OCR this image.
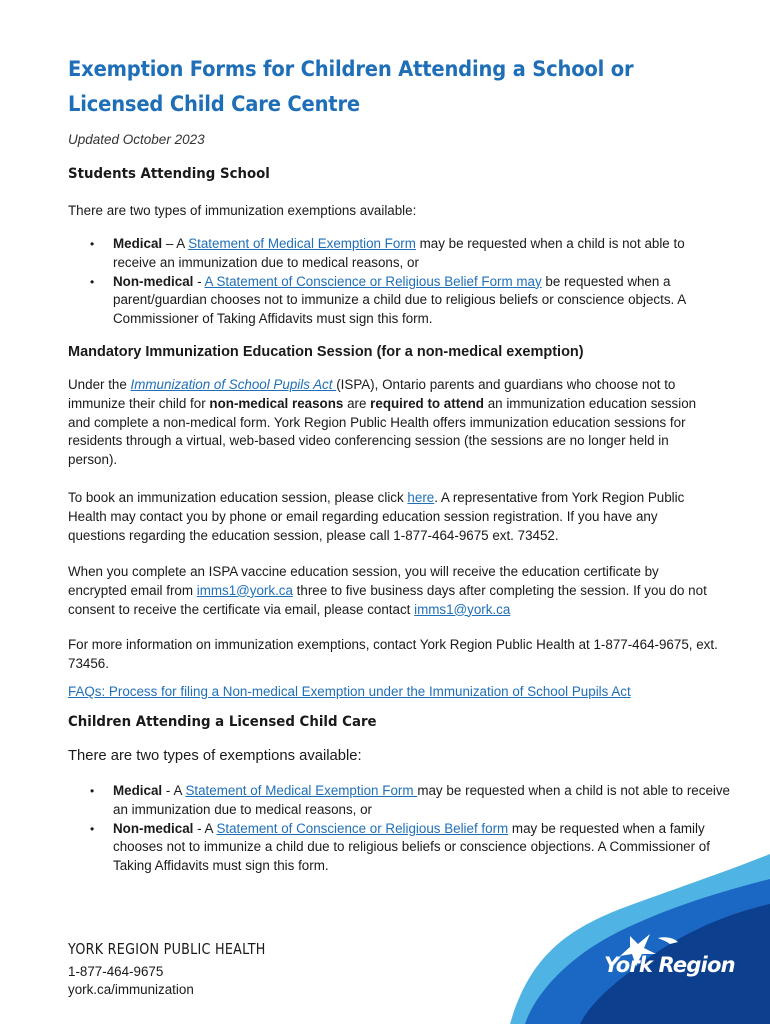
Exemption Forms for Children Attending a School or Licensed Child Care Centre

Updated October 2023

Students Attending School

There are two types of immunization exemptions available:

• Medical – A Statement of Medical Exemption Form may be requested when a child is not able to receive an immunization due to medical reasons, or
• Non-medical - A Statement of Conscience or Religious Belief Form may be requested when a parent/guardian chooses not to immunize a child due to religious beliefs or conscience objects. A Commissioner of Taking Affidavits must sign this form.
Mandatory Immunization Education Session (for a non-medical exemption)

Under the Immunization of School Pupils Act (ISPA), Ontario parents and guardians who choose not to immunize their child for non-medical reasons are required to attend an immunization education session and complete a non-medical form. York Region Public Health offers immunization education sessions for residents through a virtual, web-based video conferencing session (the sessions are no longer held in person).

To book an immunization education session, please click here. A representative from York Region Public Health may contact you by phone or email regarding education session registration. If you have any questions regarding the education session, please call 1-877-464-9675 ext. 73452.

When you complete an ISPA vaccine education session, you will receive the education certificate by encrypted email from imms1@york.ca three to five business days after completing the session. If you do not consent to receive the certificate via email, please contact imms1@york.ca

For more information on immunization exemptions, contact York Region Public Health at 1-877-464-9675, ext. 73456.

FAQs: Process for filing a Non-medical Exemption under the Immunization of School Pupils Act

Children Attending a Licensed Child Care

There are two types of exemptions available:

• Medical - A Statement of Medical Exemption Form may be requested when a child is not able to receive an immunization due to medical reasons, or
• Non-medical - A Statement of Conscience or Religious Belief form may be requested when a family chooses not to immunize a child due to religious beliefs or conscience objections. A Commissioner of Taking Affidavits must sign this form.

York Region

YORK REGION PUBLIC HEALTH

1-877-464-9675

york.ca/immunization
